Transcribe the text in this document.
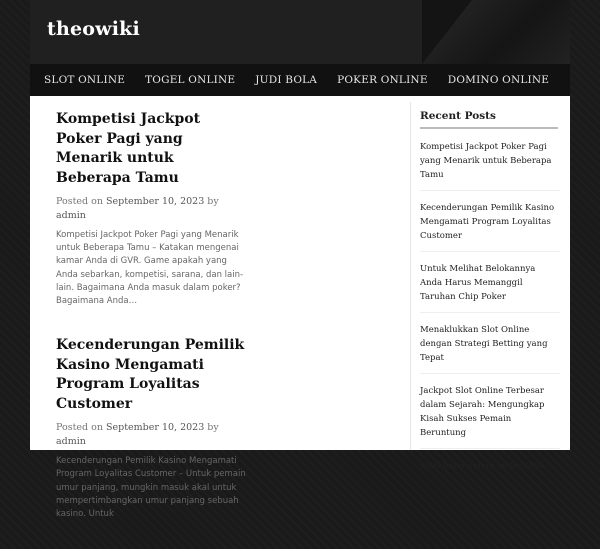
theowiki
SLOT ONLINE	TOGEL ONLINE	JUDI BOLA	POKER ONLINE	DOMINO ONLINE
Kompetisi Jackpot Poker Pagi yang Menarik untuk Beberapa Tamu
Posted on September 10, 2023 by admin

Kompetisi Jackpot Poker Pagi yang Menarik untuk Beberapa Tamu – Katakan mengenai kamar Anda di GVR. Game apakah yang Anda sebarkan, kompetisi, sarana, dan lain-lain. Bagaimana Anda masuk dalam poker? Bagaimana Anda…

Kecenderungan Pemilik Kasino Mengamati Program Loyalitas Customer
Posted on September 10, 2023 by admin

Kecenderungan Pemilik Kasino Mengamati Program Loyalitas Customer – Untuk pemain umur panjang, mungkin masuk akal untuk mempertimbangkan umur panjang sebuah kasino. Untuk

Recent Posts
Kompetisi Jackpot Poker Pagi yang Menarik untuk Beberapa Tamu
Kecenderungan Pemilik Kasino Mengamati Program Loyalitas Customer
Untuk Melihat Belokannya Anda Harus Memanggil Taruhan Chip Poker
Menaklukkan Slot Online dengan Strategi Betting yang Tepat
Jackpot Slot Online Terbesar dalam Sejarah: Mengungkap Kisah Sukses Pemain Beruntung
situs togel online terpercaya
